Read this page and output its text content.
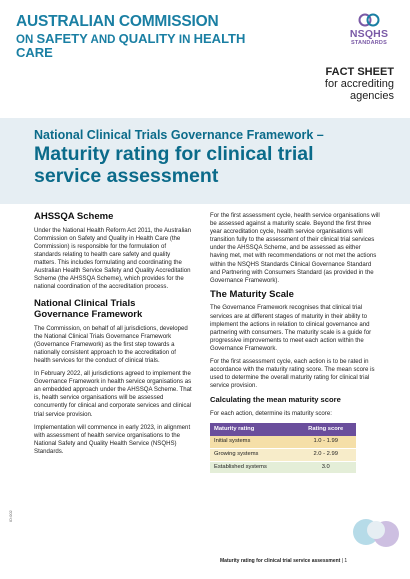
AUSTRALIAN COMMISSION
ON SAFETY AND QUALITY IN HEALTH CARE
NSQHS
STANDARDS
FACT SHEET
for accrediting
agencies
National Clinical Trials Governance Framework –
Maturity rating for clinical trial service assessment
AHSSQA Scheme

Under the National Health Reform Act 2011, the Australian Commission on Safety and Quality in Health Care (the Commission) is responsible for the formulation of standards relating to health care safety and quality matters. This includes formulating and coordinating the Australian Health Service Safety and Quality Accreditation Scheme (the AHSSQA Scheme), which provides for the national coordination of the accreditation process.

National Clinical Trials Governance Framework

The Commission, on behalf of all jurisdictions, developed the National Clinical Trials Governance Framework (Governance Framework) as the first step towards a nationally consistent approach to the accreditation of health services for the conduct of clinical trials.

In February 2022, all jurisdictions agreed to implement the Governance Framework in health service organisations as an embedded approach under the AHSSQA Scheme. That is, health service organisations will be assessed concurrently for clinical and corporate services and clinical trial service provision.

Implementation will commence in early 2023, in alignment with assessment of health service organisations to the National Safety and Quality Health Service (NSQHS) Standards.

For the first assessment cycle, health service organisations will be assessed against a maturity scale. Beyond the first three year accreditation cycle, health service organisations will transition fully to the assessment of their clinical trial services under the AHSSQA Scheme, and be assessed as either having met, met with recommendations or not met the actions within the NSQHS Standards Clinical Governance Standard and Partnering with Consumers Standard (as provided in the Governance Framework).

The Maturity Scale

The Governance Framework recognises that clinical trial services are at different stages of maturity in their ability to implement the actions in relation to clinical governance and partnering with consumers. The maturity scale is a guide for progressive improvements to meet each action within the Governance Framework.

For the first assessment cycle, each action is to be rated in accordance with the maturity rating score. The mean score is used to determine the overall maturity rating for clinical trial service provision.

Calculating the mean maturity score

For each action, determine its maturity score:

Maturity rating	Rating score
Initial systems	1.0 - 1.99
Growing systems	2.0 - 2.99
Established systems	3.0
ID:002
Maturity rating for clinical trial service assessment | 1
